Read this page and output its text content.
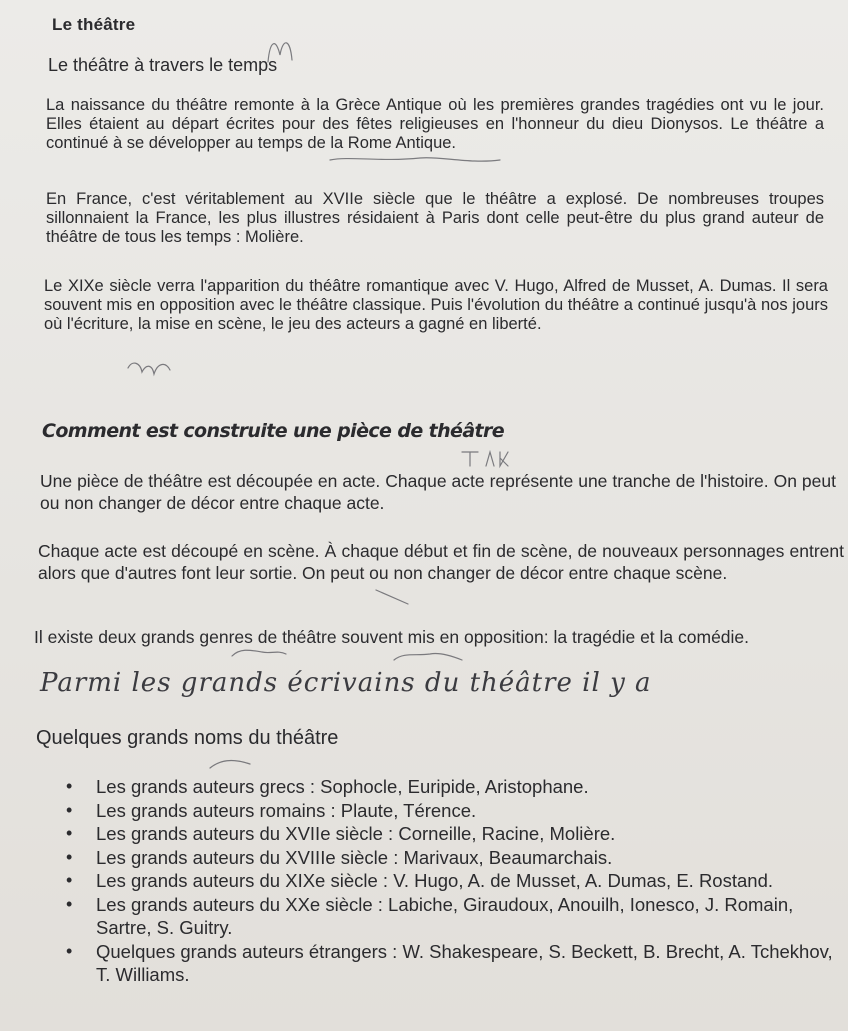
Le théâtre
Le théâtre à travers le temps

La naissance du théâtre remonte à la Grèce Antique où les premières grandes tragédies ont vu le jour. Elles étaient au départ écrites pour des fêtes religieuses en l'honneur du dieu Dionysos. Le théâtre a continué à se développer au temps de la Rome Antique.

En France, c'est véritablement au XVIIe siècle que le théâtre a explosé. De nombreuses troupes sillonnaient la France, les plus illustres résidaient à Paris dont celle peut-être du plus grand auteur de théâtre de tous les temps : Molière.

Le XIXe siècle verra l'apparition du théâtre romantique avec V. Hugo, Alfred de Musset, A. Dumas. Il sera souvent mis en opposition avec le théâtre classique. Puis l'évolution du théâtre a continué jusqu'à nos jours où l'écriture, la mise en scène, le jeu des acteurs a gagné en liberté.

Comment est construite une pièce de théâtre

Une pièce de théâtre est découpée en acte. Chaque acte représente une tranche de l'histoire. On peut ou non changer de décor entre chaque acte.

Chaque acte est découpé en scène. À chaque début et fin de scène, de nouveaux personnages entrent alors que d'autres font leur sortie. On peut ou non changer de décor entre chaque scène.

Il existe deux grands genres de théâtre souvent mis en opposition: la tragédie et la comédie.

Parmi les grands écrivains du théâtre il y a
Quelques grands noms du théâtre
• Les grands auteurs grecs : Sophocle, Euripide, Aristophane.
• Les grands auteurs romains : Plaute, Térence.
• Les grands auteurs du XVIIe siècle : Corneille, Racine, Molière.
• Les grands auteurs du XVIIIe siècle : Marivaux, Beaumarchais.
• Les grands auteurs du XIXe siècle : V. Hugo, A. de Musset, A. Dumas, E. Rostand.
• Les grands auteurs du XXe siècle : Labiche, Giraudoux, Anouilh, Ionesco, J. Romain, Sartre, S. Guitry.
• Quelques grands auteurs étrangers : W. Shakespeare, S. Beckett, B. Brecht, A. Tchekhov, T. Williams.
